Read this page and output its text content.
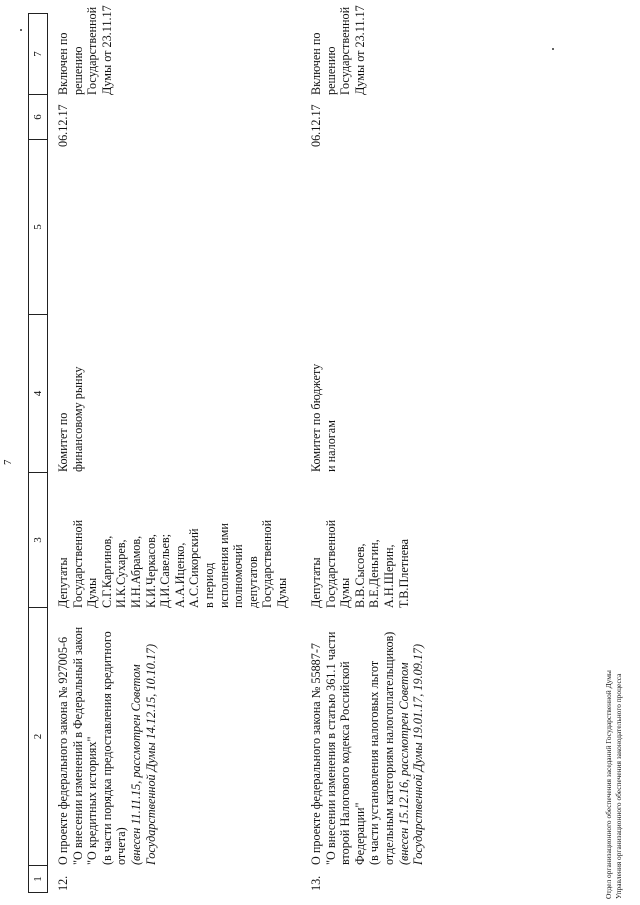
7
1
2
3
4
5
6
7
12.
О проекте федерального закона № 927005-6 "О внесении изменений в Федеральный закон "О кредитных историях" (в части порядка предоставления кредитного отчета) (внесен 11.11.15, рассмотрен Советом Государственной Думы 14.12.15, 10.10.17)
Депутаты Государственной Думы С.Г.Каргинов, И.К.Сухарев, И.Н.Абрамов, К.И.Черкасов, Д.И.Савельев; А.А.Иценко, А.С.Сикорский в период исполнения ими полномочий депутатов Государственной Думы
Комитет по финансовому рынку
06.12.17
Включен по решению Государственной Думы от 23.11.17
13.
О проекте федерального закона № 55887-7 "О внесении изменения в статью 361.1 части второй Налогового кодекса Российской Федерации" (в части установления налоговых льгот отдельным категориям налогоплательщиков) (внесен 15.12.16, рассмотрен Советом Государственной Думы 19.01.17, 19.09.17)
Депутаты Государственной Думы В.В.Сысоев, В.Е.Деньгин, А.Н.Шерин, Т.В.Плетнева
Комитет по бюджету и налогам
06.12.17
Включен по решению Государственной Думы от 23.11.17
Отдел организационного обеспечения заседаний Государственной Думы Управления организационного обеспечения законодательного процесса
